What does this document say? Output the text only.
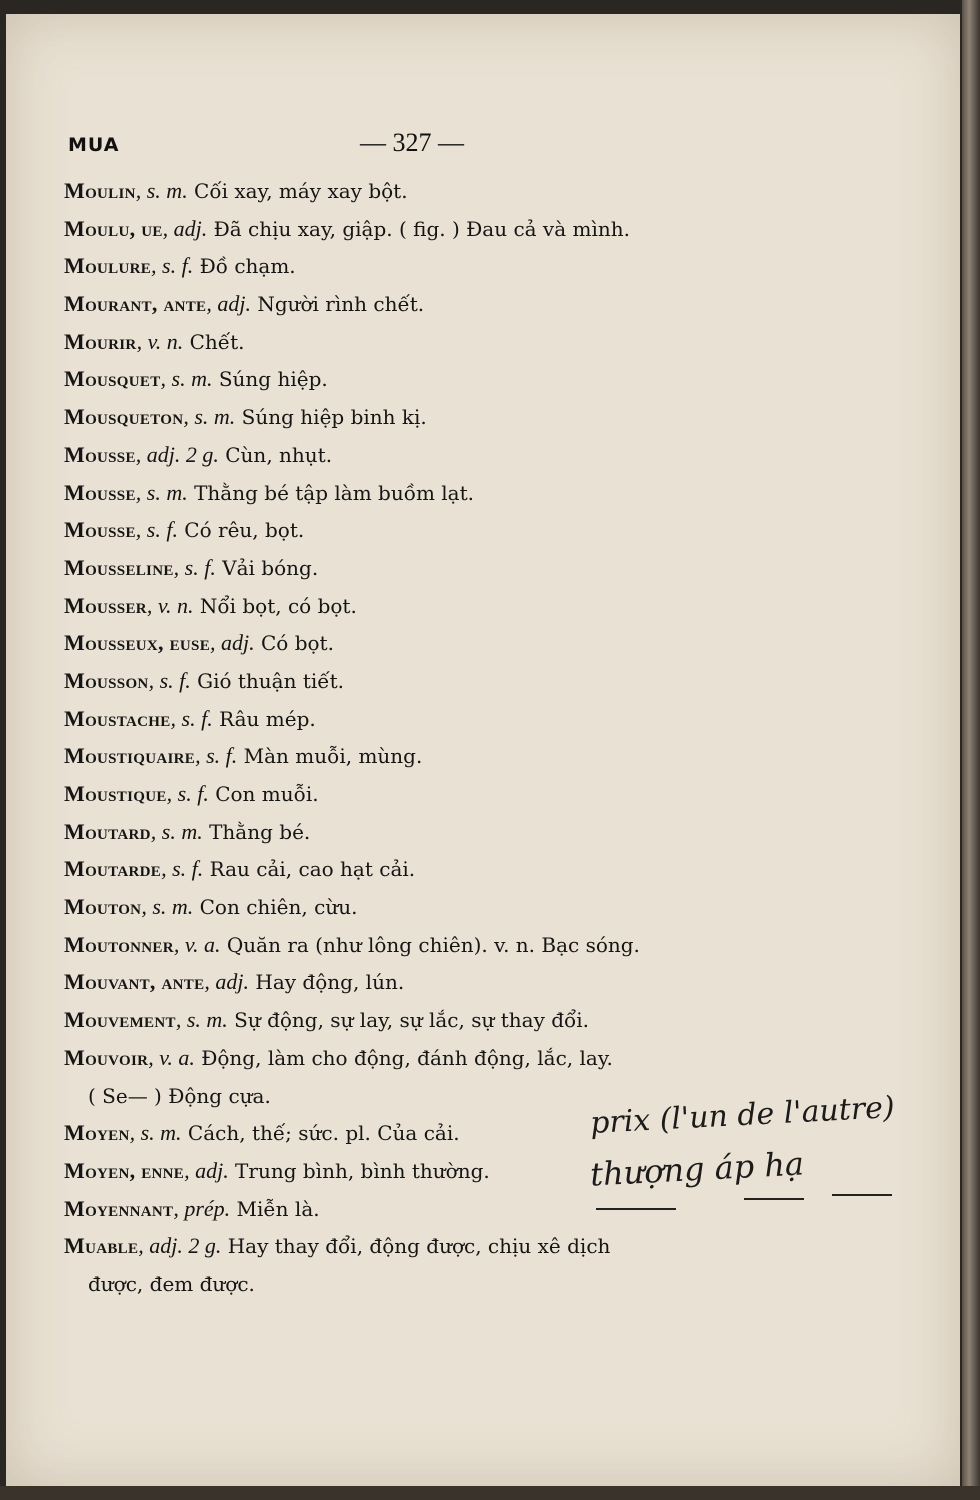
MUA	— 327 —
Moulin, s. m. Cối xay, máy xay bột.
Moulu, ue, adj. Đã chịu xay, giập. ( fig. ) Đau cả và mình.
Moulure, s. f. Đồ chạm.
Mourant, ante, adj. Người rình chết.
Mourir, v. n. Chết.
Mousquet, s. m. Súng hiệp.
Mousqueton, s. m. Súng hiệp binh kị.
Mousse, adj. 2 g. Cùn, nhụt.
Mousse, s. m. Thằng bé tập làm buồm lạt.
Mousse, s. f. Có rêu, bọt.
Mousseline, s. f. Vải bóng.
Mousser, v. n. Nổi bọt, có bọt.
Mousseux, euse, adj. Có bọt.
Mousson, s. f. Gió thuận tiết.
Moustache, s. f. Râu mép.
Moustiquaire, s. f. Màn muỗi, mùng.
Moustique, s. f. Con muỗi.
Moutard, s. m. Thằng bé.
Moutarde, s. f. Rau cải, cao hạt cải.
Mouton, s. m. Con chiên, cừu.
Moutonner, v. a. Quăn ra (như lông chiên). v. n. Bạc sóng.
Mouvant, ante, adj. Hay động, lún.
Mouvement, s. m. Sự động, sự lay, sự lắc, sự thay đổi.
Mouvoir, v. a. Động, làm cho động, đánh động, lắc, lay.
( Se— ) Động cựa.
Moyen, s. m. Cách, thế; sức. pl. Của cải.
Moyen, enne, adj. Trung bình, bình thường.
Moyennant, prép. Miễn là.
Muable, adj. 2 g. Hay thay đổi, động được, chịu xê dịch
được, đem được.
prix (l'un de l'autre)
thượng áp hạ
